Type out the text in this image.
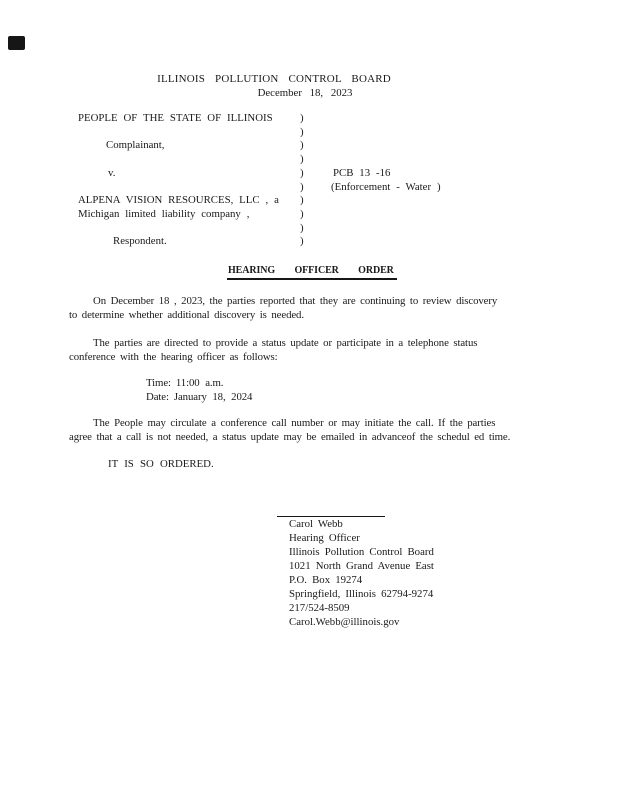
ILLINOIS POLLUTION CONTROL BOARD
December 18, 2023
PEOPLE OF THE STATE OF ILLINOIS
Complainant,
v.
ALPENA VISION RESOURCES, LLC , a
Michigan limited liability company ,
Respondent.
)
)
)
)
)
)
)
)
)
)
PCB 13 -16
(Enforcement - Water )
HEARING OFFICER ORDER
On December 18 , 2023, the parties reported that they are continuing to review discovery
to determine whether additional discovery is needed.
The parties are directed to provide a status update or participate in a telephone status
conference with the hearing officer as follows:
Time: 11:00 a.m.
Date: January 18, 2024
The People may circulate a conference call number or may initiate the call. If the parties
agree that a call is not needed, a status update may be emailed in advanceof the schedul ed time.
IT IS SO ORDERED.
Carol Webb
Hearing Officer
Illinois Pollution Control Board
1021 North Grand Avenue East
P.O. Box 19274
Springfield, Illinois 62794-9274
217/524-8509
Carol.Webb@illinois.gov
